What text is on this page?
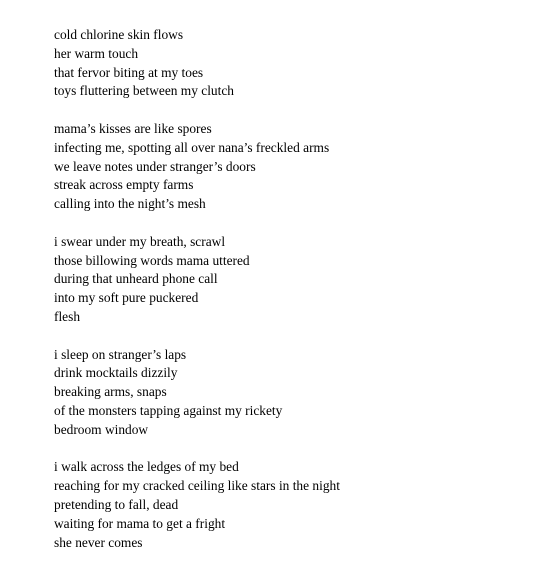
cold chlorine skin flows
her warm touch
that fervor biting at my toes
toys fluttering between my clutch
mama’s kisses are like spores
infecting me, spotting all over nana’s freckled arms
we leave notes under stranger’s doors
streak across empty farms
calling into the night’s mesh
i swear under my breath, scrawl
those billowing words mama uttered
during that unheard phone call
into my soft pure puckered
flesh
i sleep on stranger’s laps
drink mocktails dizzily
breaking arms, snaps
of the monsters tapping against my rickety
bedroom window
i walk across the ledges of my bed
reaching for my cracked ceiling like stars in the night
pretending to fall, dead
waiting for mama to get a fright
she never comes
